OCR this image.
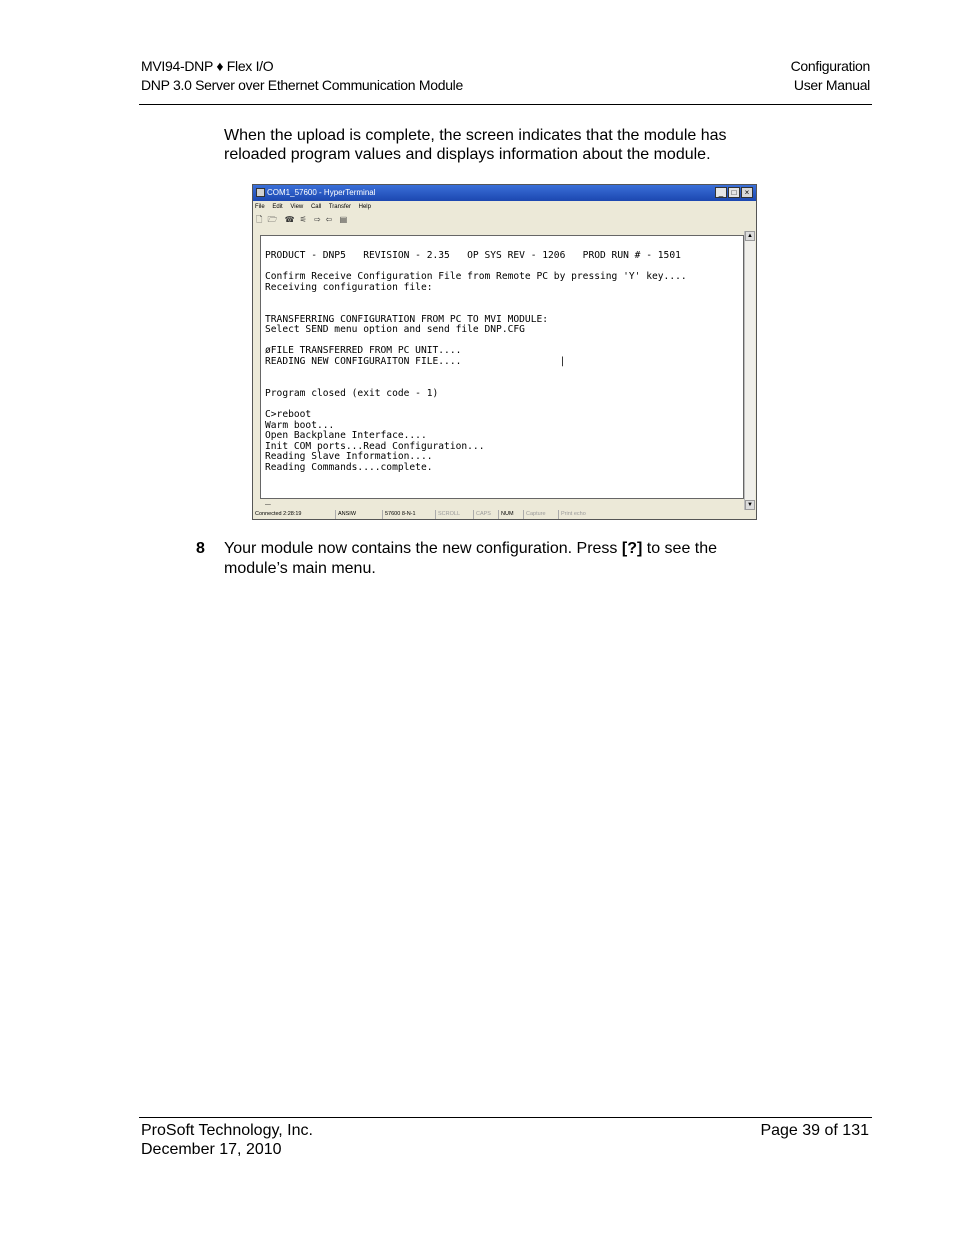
MVI94-DNP ♦ Flex I/O
DNP 3.0 Server over Ethernet Communication Module
Configuration
User Manual
When the upload is complete, the screen indicates that the module has reloaded program values and displays information about the module.
COM1_57600 - HyperTerminal	_	□	×
File Edit View Call Transfer Help
🗋 🗁 ☎ ⚟ ⇨ ⇦ ▤
PRODUCT - DNP5   REVISION - 2.35   OP SYS REV - 1206   PROD RUN # - 1501

Confirm Receive Configuration File from Remote PC by pressing 'Y' key....
Receiving configuration file:

TRANSFERRING CONFIGURATION FROM PC TO MVI MODULE:
Select SEND menu option and send file DNP.CFG

øFILE TRANSFERRED FROM PC UNIT....
READING NEW CONFIGURAITON FILE....                 |

Program closed (exit code - 1)

C>reboot
Warm boot...
Open Backplane Interface....
Init COM ports...Read Configuration...
Reading Slave Information....
Reading Commands....complete.

_
▲
▼
Connected 2:28:19	ANSIW	57600 8-N-1	SCROLL	CAPS	NUM	Capture	Print echo
8 Your module now contains the new configuration. Press [?] to see the module’s main menu.
ProSoft Technology, Inc.
December 17, 2010
Page 39 of 131
